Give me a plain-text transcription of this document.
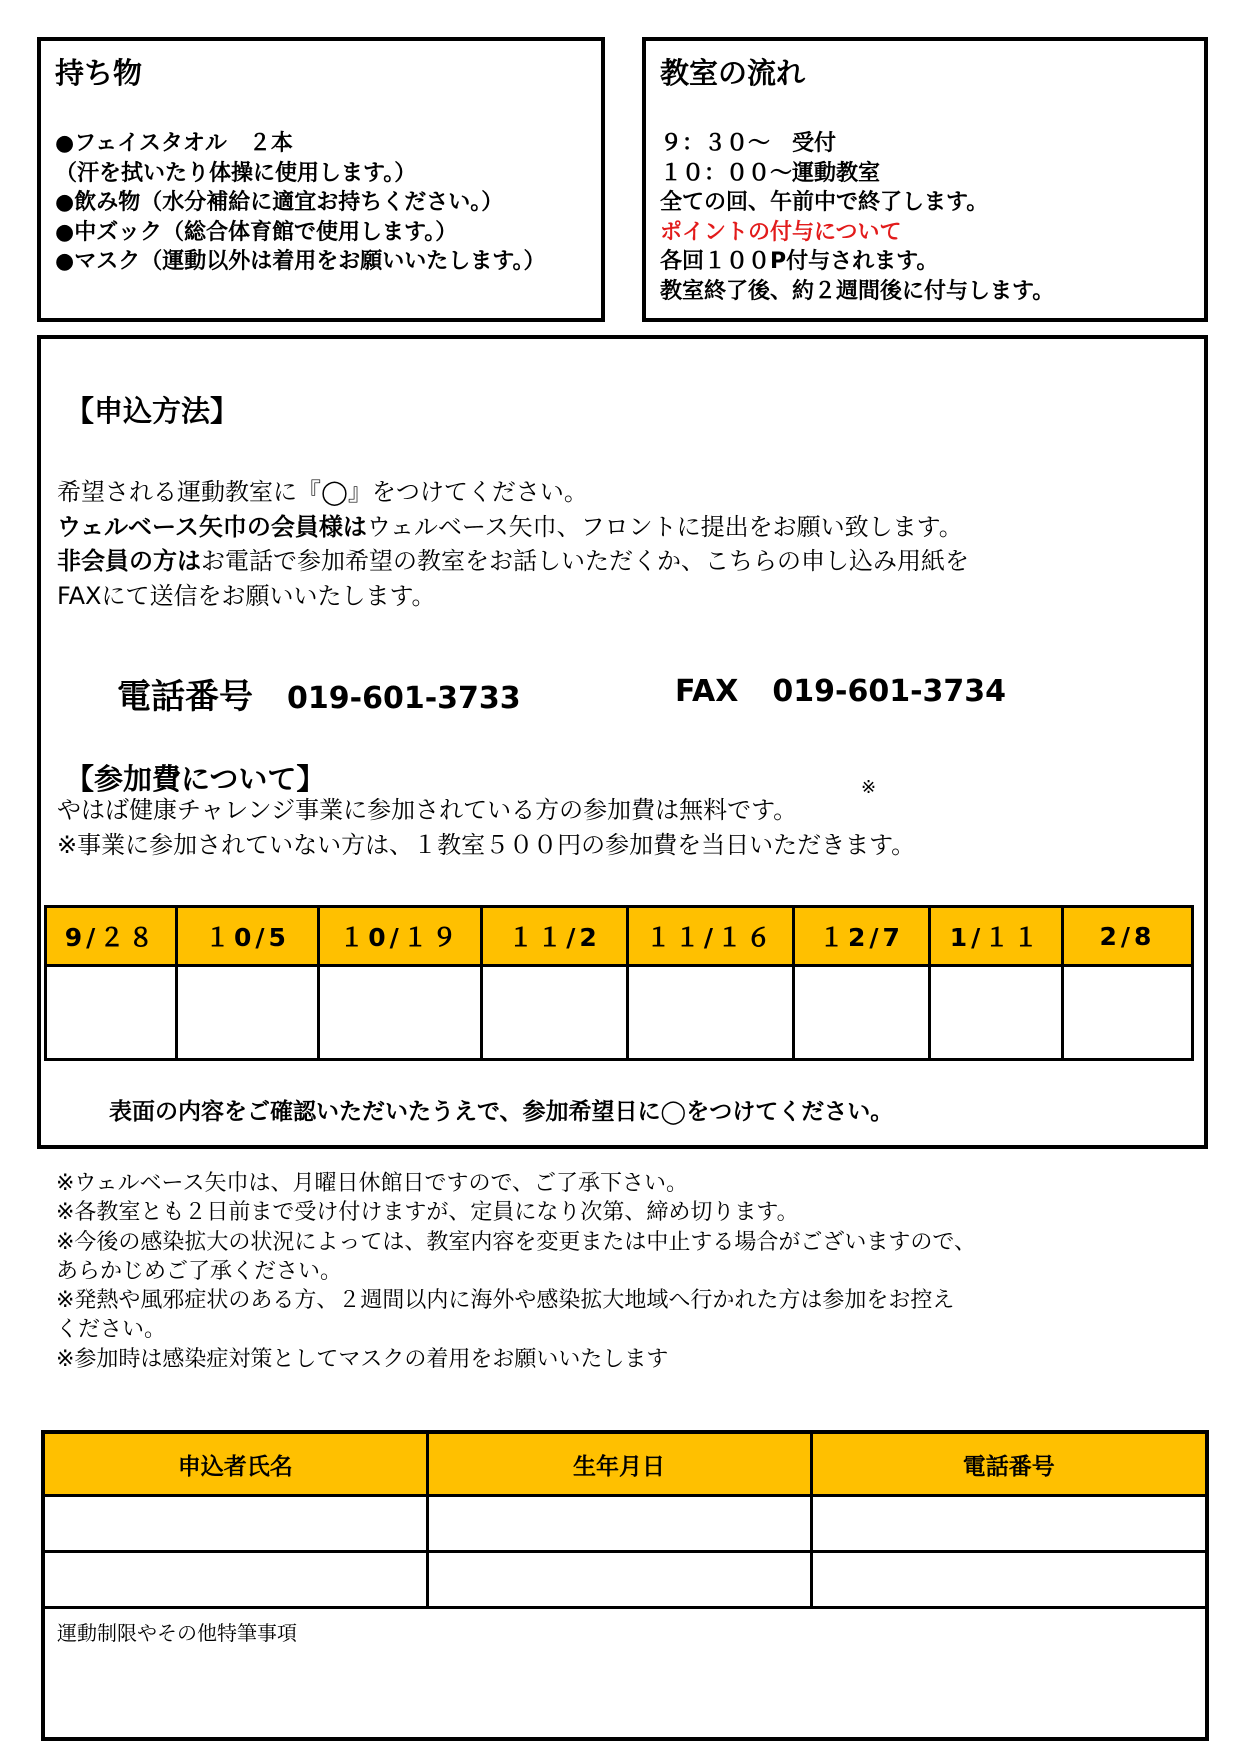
持ち物
●フェイスタオル　２本
（汗を拭いたり体操に使用します。）
●飲み物（水分補給に適宜お持ちください。）
●中ズック（総合体育館で使用します。）
●マスク（運動以外は着用をお願いいたします。）
教室の流れ
９：３０～　受付
１０：００～運動教室
全ての回、午前中で終了します。
ポイントの付与について
各回１００P付与されます。
教室終了後、約２週間後に付与します。
【申込方法】
希望される運動教室に『◯』をつけてください。
ウェルベース矢巾の会員様はウェルベース矢巾、フロントに提出をお願い致します。
非会員の方はお電話で参加希望の教室をお話しいただくか、こちらの申し込み用紙を
FAXにて送信をお願いいたします。
電話番号 019-601-3733	FAX 019-601-3734
【参加費について】	※
やはば健康チャレンジ事業に参加されている方の参加費は無料です。
※事業に参加されていない方は、１教室５００円の参加費を当日いただきます。
9/２８	１0/5	１0/１９	１１/2	１１/１６	１2/7	1/１１	2/8

表面の内容をご確認いただいたうえで、参加希望日に◯をつけてください。
※ウェルベース矢巾は、月曜日休館日ですので、ご了承下さい。
※各教室とも２日前まで受け付けますが、定員になり次第、締め切ります。
※今後の感染拡大の状況によっては、教室内容を変更または中止する場合がございますので、
あらかじめご了承ください。
※発熱や風邪症状のある方、２週間以内に海外や感染拡大地域へ行かれた方は参加をお控え
ください。
※参加時は感染症対策としてマスクの着用をお願いいたします
申込者氏名	生年月日	電話番号

運動制限やその他特筆事項		
